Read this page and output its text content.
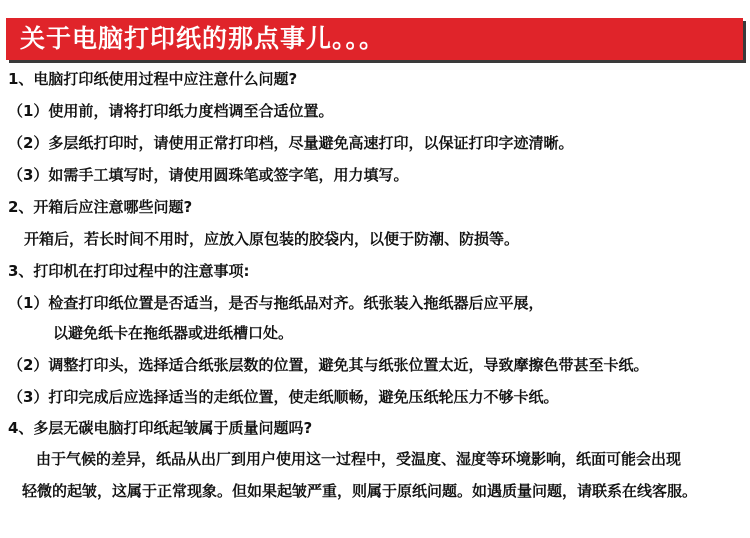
关于电脑打印纸的那点事儿。。。
1、电脑打印纸使用过程中应注意什么问题?
（1）使用前，请将打印纸力度档调至合适位置。
（2）多层纸打印时，请使用正常打印档，尽量避免高速打印，以保证打印字迹清晰。
（3）如需手工填写时，请使用圆珠笔或签字笔，用力填写。
2、开箱后应注意哪些问题?
开箱后，若长时间不用时，应放入原包装的胶袋内，以便于防潮、防损等。
3、打印机在打印过程中的注意事项:
（1）检查打印纸位置是否适当，是否与拖纸品对齐。纸张装入拖纸器后应平展，
以避免纸卡在拖纸器或进纸槽口处。
（2）调整打印头，选择适合纸张层数的位置，避免其与纸张位置太近，导致摩擦色带甚至卡纸。
（3）打印完成后应选择适当的走纸位置，使走纸顺畅，避免压纸轮压力不够卡纸。
4、多层无碳电脑打印纸起皱属于质量问题吗?
由于气候的差异，纸品从出厂到用户使用这一过程中，受温度、湿度等环境影响，纸面可能会出现
轻微的起皱，这属于正常现象。但如果起皱严重，则属于原纸问题。如遇质量问题，请联系在线客服。
